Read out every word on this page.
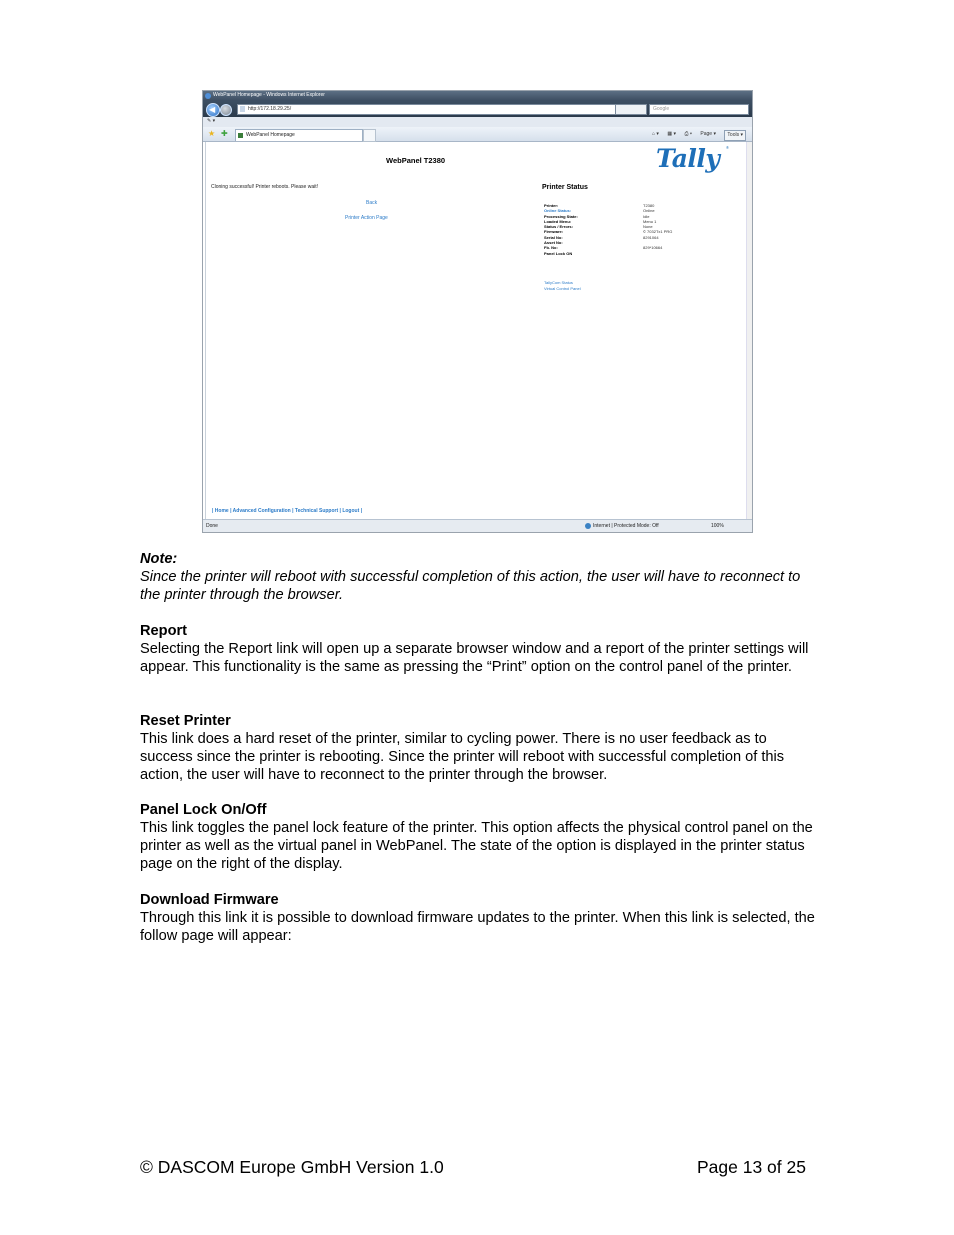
WebPanel Homepage - Windows Internet Explorer
◀	http://172.18.29.25/	Google
✎ ▾
★ ✚	WebPanel Homepage	⌂ ▾ ▦ ▾ ⎙ ▾ Page ▾ Tools ▾
WebPanel T2380	Tally ®
Cloning successful! Printer reboots. Please wait!
Back
Printer Action Page
Printer Status
Printer:	T2380
Online Status:	Online
Processing State:	Idle
Loaded Menu:	Menu 1
Status / Errors:	None
Firmware:	© 7032Tx1 PRG
Serial No:	8291064
Asset No:
Fb. No:	829*10664
Panel Lock ON
TallyCom Status
Virtual Control Panel
| Home | Advanced Configuration | Technical Support | Logout |
Done	Internet | Protected Mode: Off	100%

Note:

Since the printer will reboot with successful completion of this action, the user will have to reconnect to the printer through the browser.

Report

Selecting the Report link will open up a separate browser window and a report of the printer settings will appear. This functionality is the same as pressing the “Print” option on the control panel of the printer.

Reset Printer

This link does a hard reset of the printer, similar to cycling power. There is no user feedback as to success since the printer is rebooting. Since the printer will reboot with successful completion of this action, the user will have to reconnect to the printer through the browser.

Panel Lock On/Off

This link toggles the panel lock feature of the printer. This option affects the physical control panel on the printer as well as the virtual panel in WebPanel. The state of the option is displayed in the printer status page on the right of the display.

Download Firmware

Through this link it is possible to download firmware updates to the printer. When this link is selected, the follow page will appear:

© DASCOM Europe GmbH Version 1.0	Page 13 of 25
